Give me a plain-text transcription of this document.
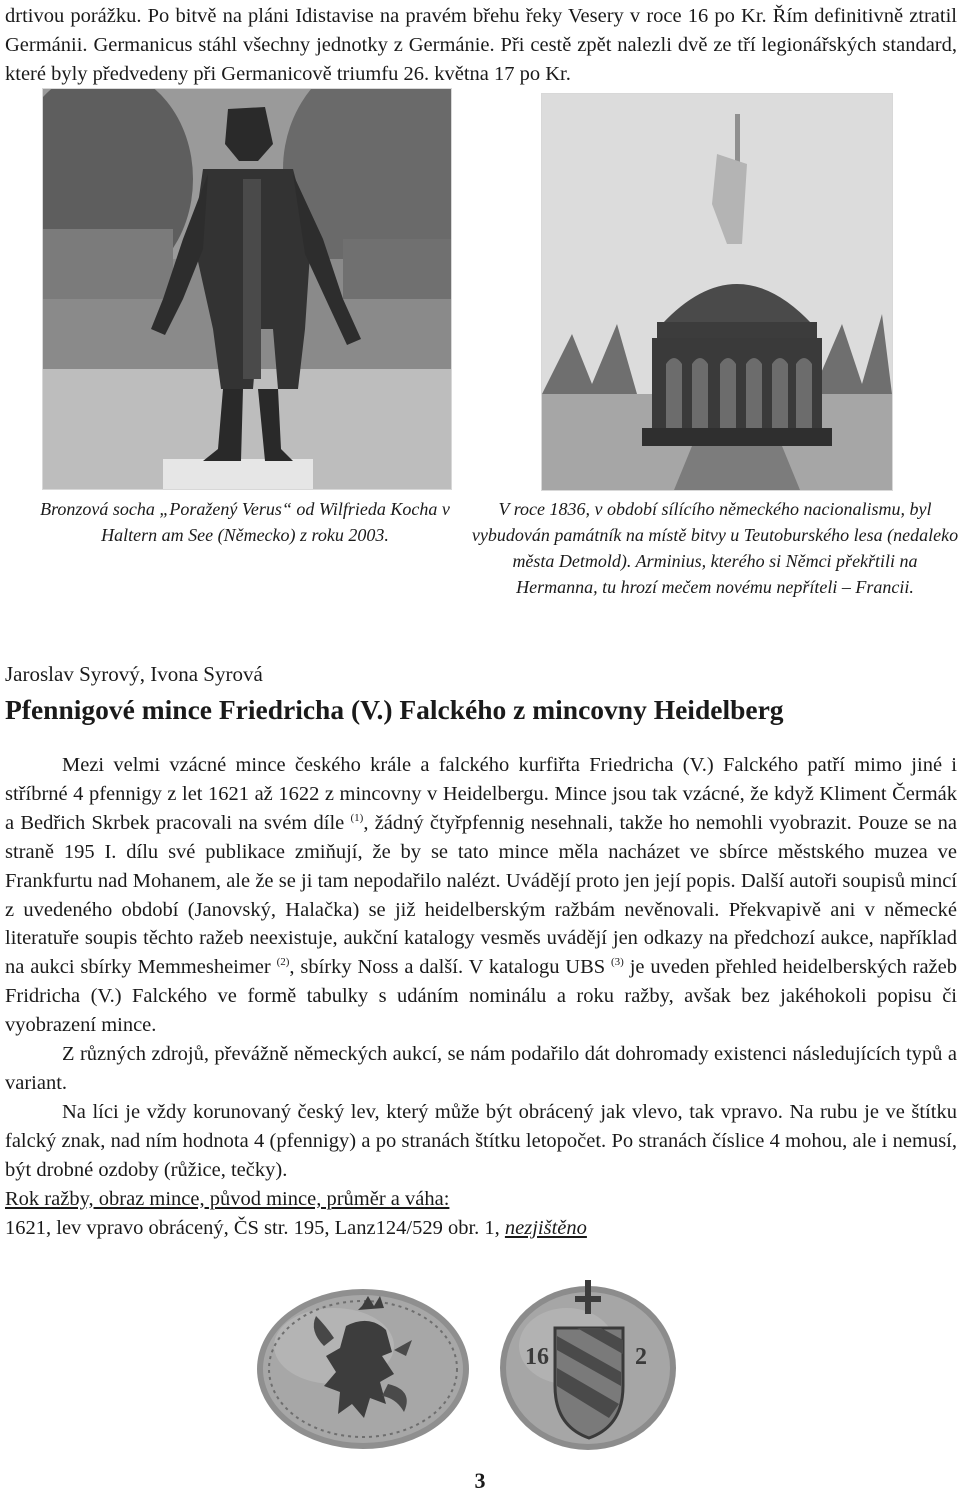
drtivou porážku. Po bitvě na pláni Idistavise na pravém břehu řeky Vesery v roce 16 po Kr. Řím definitivně ztratil Germánii. Germanicus stáhl všechny jednotky z Germánie. Při cestě zpět nalezli dvě ze tří legionářských standard, které byly předvedeny při Germanicově triumfu 26. května 17 po Kr.

Bronzová socha „Poražený Verus“ od Wilfrieda Kocha v Haltern am See (Německo) z roku 2003.
V roce 1836, v období sílícího německého nacionalismu, byl vybudován památník na místě bitvy u Teutoburského lesa (nedaleko města Detmold). Arminius, kterého si Němci překřtili na Hermanna, tu hrozí mečem novému nepříteli – Francii.
Jaroslav Syrový, Ivona Syrová
Pfennigové mince Friedricha (V.) Falckého z mincovny Heidelberg

Mezi velmi vzácné mince českého krále a falckého kurfiřta Friedricha (V.) Falckého patří mimo jiné i stříbrné 4 pfennigy z let 1621 až 1622 z mincovny v Heidelbergu. Mince jsou tak vzácné, že když Kliment Čermák a Bedřich Skrbek pracovali na svém díle $^{(1)}$, žádný čtyřpfennig nesehnali, takže ho nemohli vyobrazit. Pouze se na straně 195 I. dílu své publikace zmiňují, že by se tato mince měla nacházet ve sbírce městského muzea ve Frankfurtu nad Mohanem, ale že se ji tam nepodařilo nalézt. Uvádějí proto jen její popis. Další autoři soupisů mincí z uvedeného období (Janovský, Halačka) se již heidelberským ražbám nevěnovali. Překvapivě ani v německé literatuře soupis těchto ražeb neexistuje, aukční katalogy vesměs uvádějí jen odkazy na předchozí aukce, například na aukci sbírky Memmesheimer $^{(2)}$, sbírky Noss a další. V katalogu UBS $^{(3)}$ je uveden přehled heidelberských ražeb Fridricha (V.) Falckého ve formě tabulky s udáním nominálu a roku ražby, avšak bez jakéhokoli popisu či vyobrazení mince.

Z různých zdrojů, převážně německých aukcí, se nám podařilo dát dohromady existenci následujících typů a variant.

Na líci je vždy korunovaný český lev, který může být obrácený jak vlevo, tak vpravo. Na rubu je ve štítku falcký znak, nad ním hodnota 4 (pfennigy) a po stranách štítku letopočet. Po stranách číslice 4 mohou, ale i nemusí, být drobné ozdoby (růžice, tečky).

Rok ražby, obraz mince, původ mince, průměr a váha:

1621, lev vpravo obrácený, ČS str. 195, Lanz124/529 obr. 1, nezjištěno

16	2
3
